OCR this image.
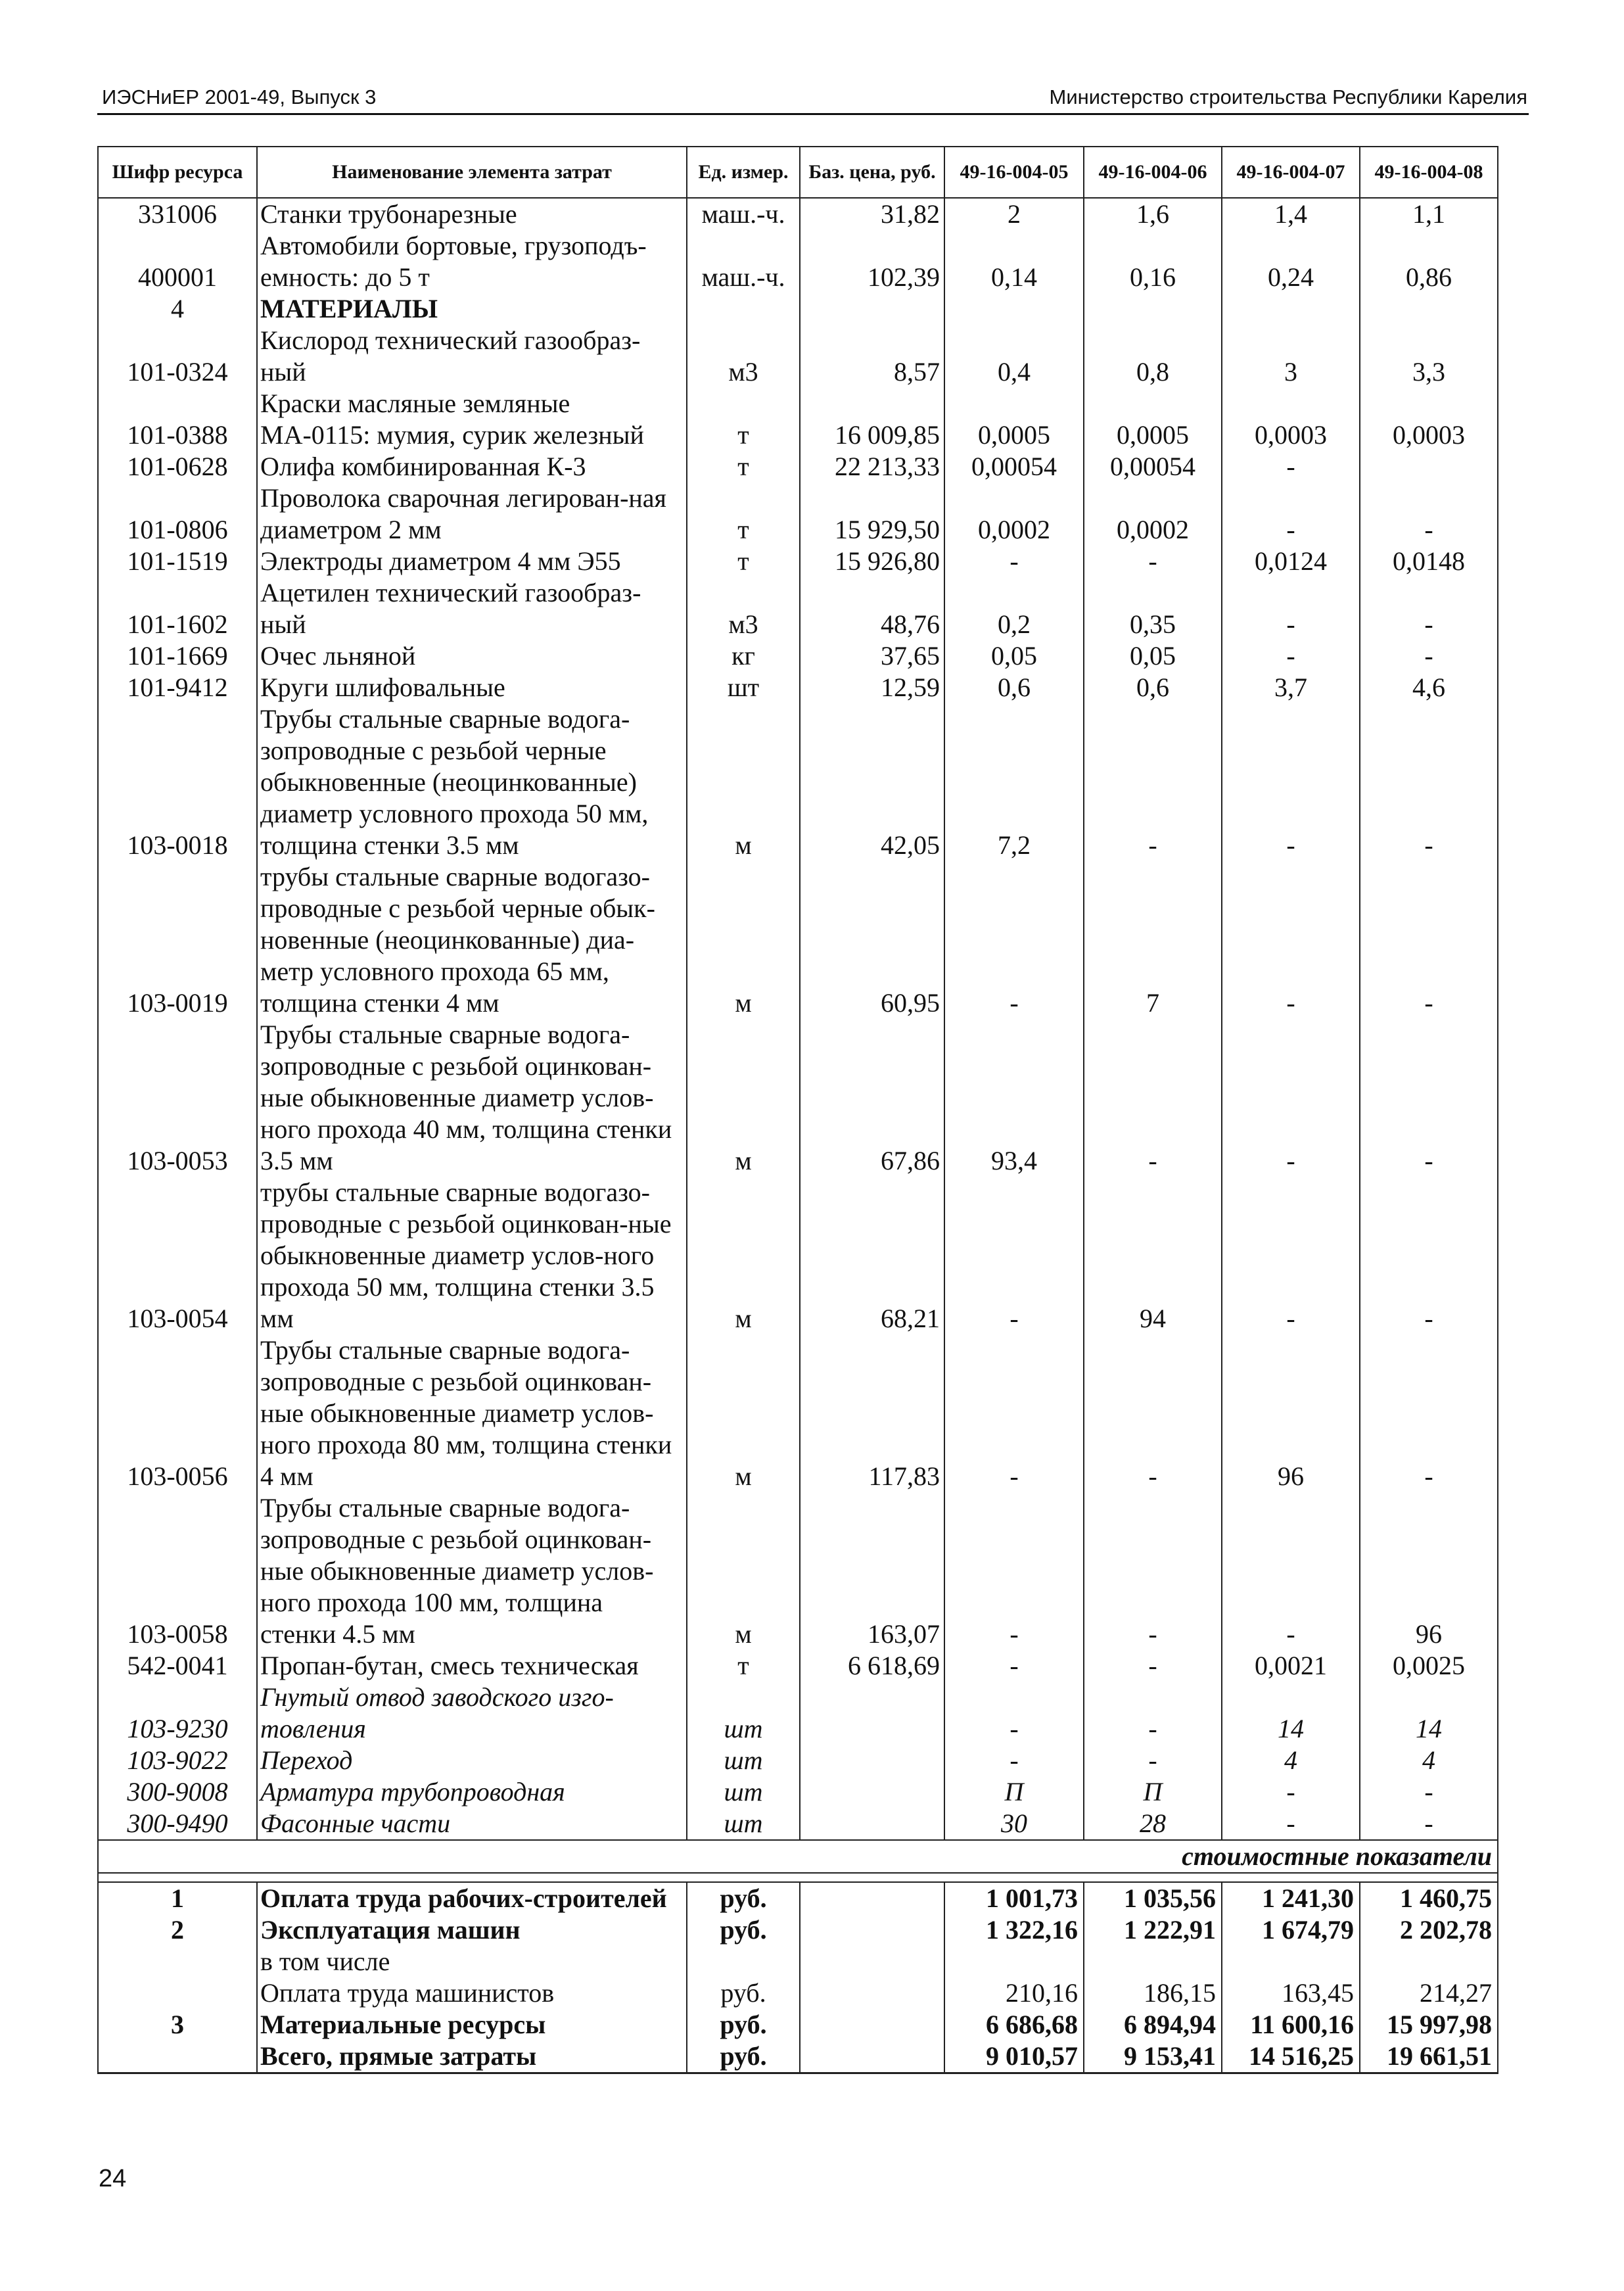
ИЭСНиЕР 2001-49, Выпуск 3	Министерство строительства Республики Карелия
Шифр ресурса	Наименование элемента затрат	Ед. измер.	Баз. цена, руб.	49-16-004-05	49-16-004-06	49-16-004-07	49-16-004-08
331006	Станки трубонарезные	маш.-ч.	31,82	2	1,6	1,4	1,1
400001	Автомобили бортовые, грузоподъ-емность: до 5 т	маш.-ч.	102,39	0,14	0,16	0,24	0,86
4	МАТЕРИАЛЫ						
101-0324	Кислород технический газообраз-ный	м3	8,57	0,4	0,8	3	3,3
101-0388	Краски масляные земляные МА-0115: мумия, сурик железный	т	16 009,85	0,0005	0,0005	0,0003	0,0003
101-0628	Олифа комбинированная К-3	т	22 213,33	0,00054	0,00054	-	
101-0806	Проволока сварочная легирован-ная диаметром 2 мм	т	15 929,50	0,0002	0,0002	-	-
101-1519	Электроды диаметром 4 мм Э55	т	15 926,80	-	-	0,0124	0,0148
101-1602	Ацетилен технический газообраз-ный	м3	48,76	0,2	0,35	-	-
101-1669	Очес льняной	кг	37,65	0,05	0,05	-	-
101-9412	Круги шлифовальные	шт	12,59	0,6	0,6	3,7	4,6
103-0018	Трубы стальные сварные водога-зопроводные с резьбой черные обыкновенные (неоцинкованные) диаметр условного прохода 50 мм, толщина стенки 3.5 мм	м	42,05	7,2	-	-	-
103-0019	трубы стальные сварные водогазо-проводные с резьбой черные обык-новенные (неоцинкованные) диа-метр условного прохода 65 мм, толщина стенки 4 мм	м	60,95	-	7	-	-
103-0053	Трубы стальные сварные водога-зопроводные с резьбой оцинкован-ные обыкновенные диаметр услов-ного прохода 40 мм, толщина стенки 3.5 мм	м	67,86	93,4	-	-	-
103-0054	трубы стальные сварные водогазо-проводные с резьбой оцинкован-ные обыкновенные диаметр услов-ного прохода 50 мм, толщина стенки 3.5 мм	м	68,21	-	94	-	-
103-0056	Трубы стальные сварные водога-зопроводные с резьбой оцинкован-ные обыкновенные диаметр услов-ного прохода 80 мм, толщина стенки 4 мм	м	117,83	-	-	96	-
103-0058	Трубы стальные сварные водога-зопроводные с резьбой оцинкован-ные обыкновенные диаметр услов-ного прохода 100 мм, толщина стенки 4.5 мм	м	163,07	-	-	-	96
542-0041	Пропан-бутан, смесь техническая	т	6 618,69	-	-	0,0021	0,0025
103-9230	Гнутый отвод заводского изго-товления	шт		-	-	14	14
103-9022	Переход	шт		-	-	4	4
300-9008	Арматура трубопроводная	шт		П	П	-	-
300-9490	Фасонные части	шт		30	28	-	-
стоимостные показатели							

1	Оплата труда рабочих-строителей	руб.		1 001,73	1 035,56	1 241,30	1 460,75
2	Эксплуатация машин	руб.		1 322,16	1 222,91	1 674,79	2 202,78
	в том числе						
	Оплата труда машинистов	руб.		210,16	186,15	163,45	214,27
3	Материальные ресурсы	руб.		6 686,68	6 894,94	11 600,16	15 997,98
	Всего, прямые затраты	руб.		9 010,57	9 153,41	14 516,25	19 661,51
24
